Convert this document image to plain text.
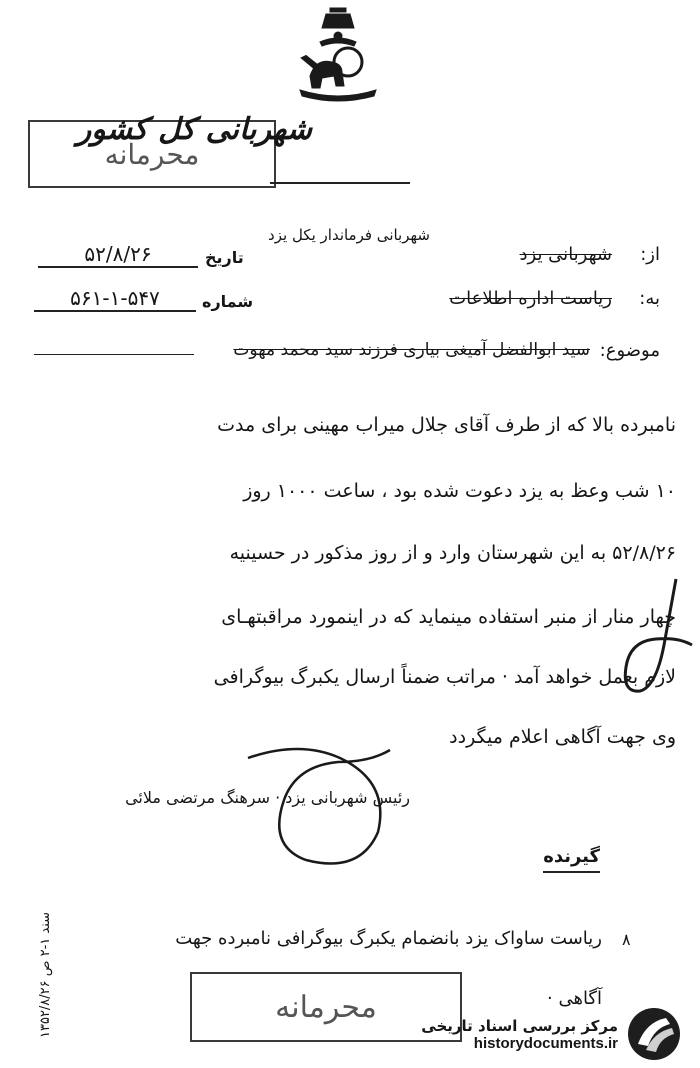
محرمانه
شهربانی کل کشور
شهربانی فرماندار یکل یزد
از:
شهربانی یزد
تاریخ
۵۲/۸/۲۶
به:
ریاست اداره اطلاعات
شماره
۵۶۱-۱-۵۴۷
موضوع:
سید ابوالفضل آمیغی بیاری فرزند سید محمد مهوت
نامبرده بالا که از طرف آقای جلال میراب مهینی برای مدت
۱۰ شب وعظ به یزد دعوت شده بود ، ساعت ۱۰۰۰ روز
۵۲/۸/۲۶ به این شهرستان وارد و از روز مذکور در حسینیه
چهار منار از منبر استفاده مینماید که در اینمورد مراقبتهـای
لازم بعمل خواهد آمد · مراتب ضمناً ارسال یکبرگ بیوگرافی
وی جهت آگاهی اعلام میگردد
رئیس شهربانی یزد · سرهنگ مرتضی ملائی
گیرنده
۸
ریاست ساواک یزد بانضمام یکبرگ بیوگرافی نامبرده جهت
آگاهی ·
محرمانه
سند ۱-۲ ص ۱۳۵۲/۸/۲۶
مرکز بررسی اسناد تاریخی
historydocuments.ir
